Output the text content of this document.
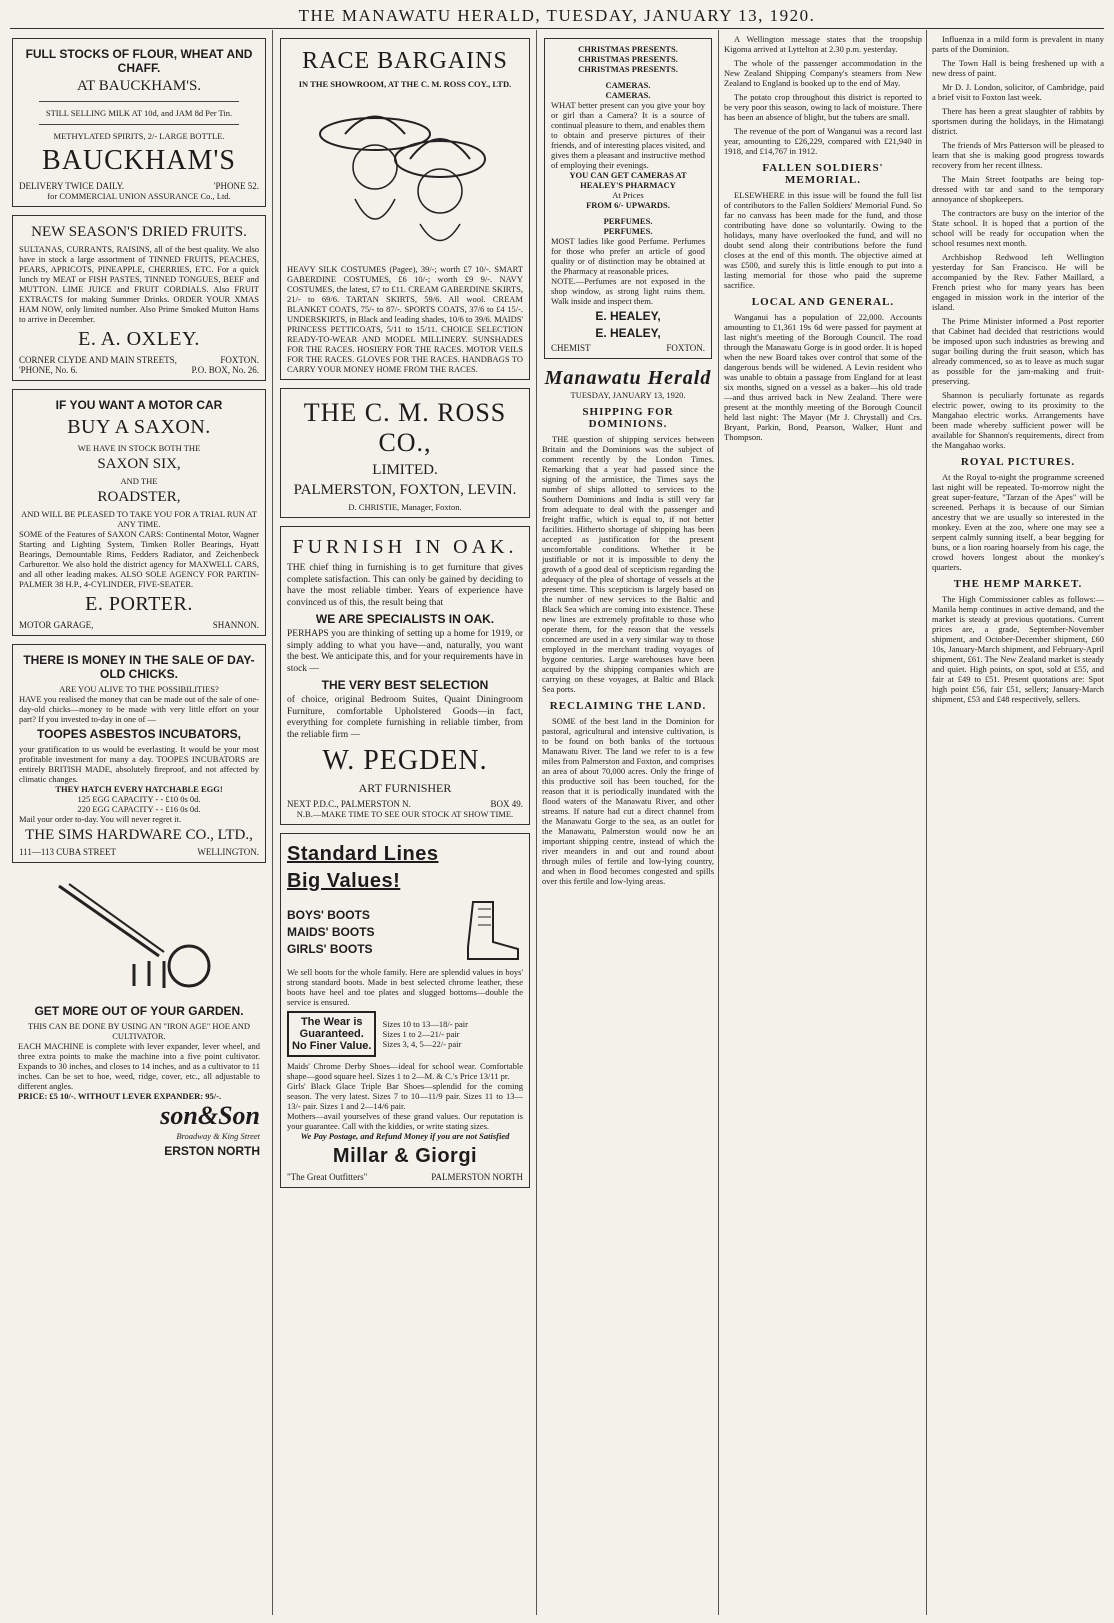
THE MANAWATU HERALD, TUESDAY, JANUARY 13, 1920.
FULL STOCKS OF FLOUR, WHEAT AND CHAFF.
AT BAUCKHAM'S.
STILL SELLING MILK AT 10d, and JAM 8d Per Tin.
METHYLATED SPIRITS, 2/- LARGE BOTTLE.
BAUCKHAM'S
DELIVERY TWICE DAILY.	'PHONE 52.
for COMMERCIAL UNION ASSURANCE Co., Ltd.
NEW SEASON'S DRIED FRUITS.
SULTANAS, CURRANTS, RAISINS, all of the best quality. We also have in stock a large assortment of TINNED FRUITS, PEACHES, PEARS, APRICOTS, PINEAPPLE, CHERRIES, ETC. For a quick lunch try MEAT or FISH PASTES, TINNED TONGUES, BEEF and MUTTON. LIME JUICE and FRUIT CORDIALS. Also FRUIT EXTRACTS for making Summer Drinks. ORDER YOUR XMAS HAM NOW, only limited number. Also Prime Smoked Mutton Hams to arrive in December.
E. A. OXLEY.
CORNER CLYDE AND MAIN STREETS,	FOXTON.
'PHONE, No. 6.	P.O. BOX, No. 26.
IF YOU WANT A MOTOR CAR
BUY A SAXON.
WE HAVE IN STOCK BOTH THE
SAXON SIX,
AND THE
ROADSTER,
AND WILL BE PLEASED TO TAKE YOU FOR A TRIAL RUN AT ANY TIME.
SOME of the Features of SAXON CARS: Continental Motor, Wagner Starting and Lighting System, Timken Roller Bearings, Hyatt Bearings, Demountable Rims, Fedders Radiator, and Zeichenbeck Carburettor. We also hold the district agency for MAXWELL CARS, and all other leading makes. ALSO SOLE AGENCY FOR PARTIN-PALMER 38 H.P., 4-CYLINDER, FIVE-SEATER.
E. PORTER.
MOTOR GARAGE,	SHANNON.
THERE IS MONEY IN THE SALE OF DAY-OLD CHICKS.
ARE YOU ALIVE TO THE POSSIBILITIES?
HAVE you realised the money that can be made out of the sale of one-day-old chicks—money to be made with very little effort on your part? If you invested to-day in one of —
TOOPES ASBESTOS INCUBATORS,
your gratification to us would be everlasting. It would be your most profitable investment for many a day. TOOPES INCUBATORS are entirely BRITISH MADE, absolutely fireproof, and not affected by climatic changes.
THEY HATCH EVERY HATCHABLE EGG!
125 EGG CAPACITY - - £10 0s 0d.
220 EGG CAPACITY - - £16 0s 0d.
Mail your order to-day. You will never regret it.
THE SIMS HARDWARE CO., LTD.,
111—113 CUBA STREET	WELLINGTON.
GET MORE OUT OF YOUR GARDEN.
THIS CAN BE DONE BY USING AN "IRON AGE" HOE AND CULTIVATOR.
EACH MACHINE is complete with lever expander, lever wheel, and three extra points to make the machine into a five point cultivator. Expands to 30 inches, and closes to 14 inches, and as a cultivator to 11 inches. Can be set to hoe, weed, ridge, cover, etc., all adjustable to different angles.
PRICE: £5 10/-. WITHOUT LEVER EXPANDER: 95/-.
son&Son
Broadway & King Street
ERSTON NORTH
RACE BARGAINS
IN THE SHOWROOM, AT THE C. M. ROSS COY., LTD.
HEAVY SILK COSTUMES (Pagee), 39/-; worth £7 10/-. SMART GABERDINE COSTUMES, £6 10/-; worth £9 9/-. NAVY COSTUMES, the latest, £7 to £11. CREAM GABERDINE SKIRTS, 21/- to 69/6. TARTAN SKIRTS, 59/6. All wool. CREAM BLANKET COATS, 75/- to 87/-. SPORTS COATS, 37/6 to £4 15/-. UNDERSKIRTS, in Black and leading shades, 10/6 to 39/6. MAIDS' PRINCESS PETTICOATS, 5/11 to 15/11. CHOICE SELECTION READY-TO-WEAR AND MODEL MILLINERY. SUNSHADES FOR THE RACES. HOSIERY FOR THE RACES. MOTOR VEILS FOR THE RACES. GLOVES FOR THE RACES. HANDBAGS TO CARRY YOUR MONEY HOME FROM THE RACES.
THE C. M. ROSS CO.,
LIMITED.
PALMERSTON, FOXTON, LEVIN.
D. CHRISTIE, Manager, Foxton.
FURNISH IN OAK.
THE chief thing in furnishing is to get furniture that gives complete satisfaction. This can only be gained by deciding to have the most reliable timber. Years of experience have convinced us of this, the result being that
WE ARE SPECIALISTS IN OAK.
PERHAPS you are thinking of setting up a home for 1919, or simply adding to what you have—and, naturally, you want the best. We anticipate this, and for your requirements have in stock —
THE VERY BEST SELECTION
of choice, original Bedroom Suites, Quaint Diningroom Furniture, comfortable Upholstered Goods—in fact, everything for complete furnishing in reliable timber, from the reliable firm —
W. PEGDEN.
ART FURNISHER
NEXT P.D.C., PALMERSTON N.	BOX 49.
N.B.—MAKE TIME TO SEE OUR STOCK AT SHOW TIME.
Standard Lines
Big Values!
BOYS' BOOTS
MAIDS' BOOTS
GIRLS' BOOTS
We sell boots for the whole family. Here are splendid values in boys' strong standard boots. Made in best selected chrome leather, these boots have heel and toe plates and slugged bottoms—double the service is ensured.
The Wear is
Guaranteed.
No Finer Value.
Sizes 10 to 13—18/- pair
Sizes 1 to 2—21/- pair
Sizes 3, 4, 5—22/- pair
Maids' Chrome Derby Shoes—ideal for school wear. Comfortable shape—good square heel. Sizes 1 to 2—M. & C.'s Price 13/11 pr.
Girls' Black Glace Triple Bar Shoes—splendid for the coming season. The very latest. Sizes 7 to 10—11/9 pair. Sizes 11 to 13—13/- pair. Sizes 1 and 2—14/6 pair.
Mothers—avail yourselves of these grand values. Our reputation is your guarantee. Call with the kiddies, or write stating sizes.
We Pay Postage, and Refund Money if you are not Satisfied
Millar & Giorgi
"The Great Outfitters"	PALMERSTON NORTH
CHRISTMAS PRESENTS.
CHRISTMAS PRESENTS.
CHRISTMAS PRESENTS.
CAMERAS.
CAMERAS.
WHAT better present can you give your boy or girl than a Camera? It is a source of continual pleasure to them, and enables them to obtain and preserve pictures of their friends, and of interesting places visited, and gives them a pleasant and instructive method of employing their evenings.
YOU CAN GET CAMERAS AT HEALEY'S PHARMACY
At Prices
FROM 6/- UPWARDS.
PERFUMES.
PERFUMES.
MOST ladies like good Perfume. Perfumes for those who prefer an article of good quality or of distinction may be obtained at the Pharmacy at reasonable prices.
NOTE.—Perfumes are not exposed in the shop window, as strong light ruins them. Walk inside and inspect them.
E. HEALEY,
E. HEALEY,
CHEMIST	FOXTON.
Manawatu Herald
TUESDAY, JANUARY 13, 1920.
SHIPPING FOR DOMINIONS.
THE question of shipping services between Britain and the Dominions was the subject of comment recently by the London Times. Remarking that a year had passed since the signing of the armistice, the Times says the number of ships allotted to services to the Southern Dominions and India is still very far from adequate to deal with the passenger and freight traffic, which is equal to, if not better facilities. Hitherto shortage of shipping has been accepted as justification for the present uncomfortable conditions. Whether it be justifiable or not it is impossible to deny the growth of a good deal of scepticism regarding the adequacy of the plea of shortage of vessels at the present time. This scepticism is largely based on the number of new services to the Baltic and Black Sea which are coming into existence. These new lines are extremely profitable to those who operate them, for the reason that the vessels concerned are used in a very similar way to those employed in the merchant trading voyages of bygone centuries. Large warehouses have been acquired by the shipping companies which are carrying on these voyages, at Baltic and Black Sea ports.
RECLAIMING THE LAND.
SOME of the best land in the Dominion for pastoral, agricultural and intensive cultivation, is to be found on both banks of the tortuous Manawatu River. The land we refer to is a few miles from Palmerston and Foxton, and comprises an area of about 70,000 acres. Only the fringe of this productive soil has been touched, for the reason that it is periodically inundated with the flood waters of the Manawatu River, and other streams. If nature had cut a direct channel from the Manawatu Gorge to the sea, as an outlet for the Manawatu, Palmerston would now be an important shipping centre, instead of which the river meanders in and out and round about through miles of fertile and low-lying country, and when in flood becomes congested and spills over this fertile and low-lying areas.

A Wellington message states that the troopship Kigoma arrived at Lyttelton at 2.30 p.m. yesterday.

The whole of the passenger accommodation in the New Zealand Shipping Company's steamers from New Zealand to England is booked up to the end of May.

The potato crop throughout this district is reported to be very poor this season, owing to lack of moisture. There has been an absence of blight, but the tubers are small.

The revenue of the port of Wanganui was a record last year, amounting to £26,229, compared with £21,940 in 1918, and £14,767 in 1912.

FALLEN SOLDIERS' MEMORIAL.

ELSEWHERE in this issue will be found the full list of contributors to the Fallen Soldiers' Memorial Fund. So far no canvass has been made for the fund, and those contributing have done so voluntarily. Owing to the holidays, many have overlooked the fund, and will no doubt send along their contributions before the fund closes at the end of this month. The objective aimed at was £500, and surely this is little enough to put into a lasting memorial for those who paid the supreme sacrifice.

LOCAL AND GENERAL.

Wanganui has a population of 22,000. Accounts amounting to £1,361 19s 6d were passed for payment at last night's meeting of the Borough Council. The road through the Manawatu Gorge is in good order. It is hoped when the new Board takes over control that some of the dangerous bends will be widened. A Levin resident who was unable to obtain a passage from England for at least six months, signed on a vessel as a baker—his old trade—and thus arrived back in New Zealand. There were present at the monthly meeting of the Borough Council held last night: The Mayor (Mr J. Chrystall) and Crs. Bryant, Parkin, Bond, Pearson, Walker, Hunt and Thompson.

Influenza in a mild form is prevalent in many parts of the Dominion.

The Town Hall is being freshened up with a new dress of paint.

Mr D. J. London, solicitor, of Cambridge, paid a brief visit to Foxton last week.

There has been a great slaughter of rabbits by sportsmen during the holidays, in the Himatangi district.

The friends of Mrs Patterson will be pleased to learn that she is making good progress towards recovery from her recent illness.

The Main Street footpaths are being top-dressed with tar and sand to the temporary annoyance of shopkeepers.

The contractors are busy on the interior of the State school. It is hoped that a portion of the school will be ready for occupation when the school resumes next month.

Archbishop Redwood left Wellington yesterday for San Francisco. He will be accompanied by the Rev. Father Maillard, a French priest who for many years has been engaged in mission work in the interior of the island.

The Prime Minister informed a Post reporter that Cabinet had decided that restrictions would be imposed upon such industries as brewing and sugar boiling during the fruit season, which has already commenced, so as to leave as much sugar as possible for the jam-making and fruit-preserving.

Shannon is peculiarly fortunate as regards electric power, owing to its proximity to the Mangahao electric works. Arrangements have been made whereby sufficient power will be available for Shannon's requirements, direct from the Mangahao works.

ROYAL PICTURES.

At the Royal to-night the programme screened last night will be repeated. To-morrow night the great super-feature, "Tarzan of the Apes" will be screened. Perhaps it is because of our Simian ancestry that we are usually so interested in the monkey. Even at the zoo, where one may see a serpent calmly sunning itself, a bear begging for buns, or a lion roaring hoarsely from his cage, the crowd hovers longest about the monkey's quarters.

THE HEMP MARKET.

The High Commissioner cables as follows:— Manila hemp continues in active demand, and the market is steady at previous quotations. Current prices are, a grade, September-November shipment, and October-December shipment, £60 10s, January-March shipment, and February-April shipment, £61. The New Zealand market is steady and quiet. High points, on spot, sold at £55, and fair at £49 to £51. Present quotations are: Spot high point £56, fair £51, sellers; January-March shipment, £53 and £48 respectively, sellers.
